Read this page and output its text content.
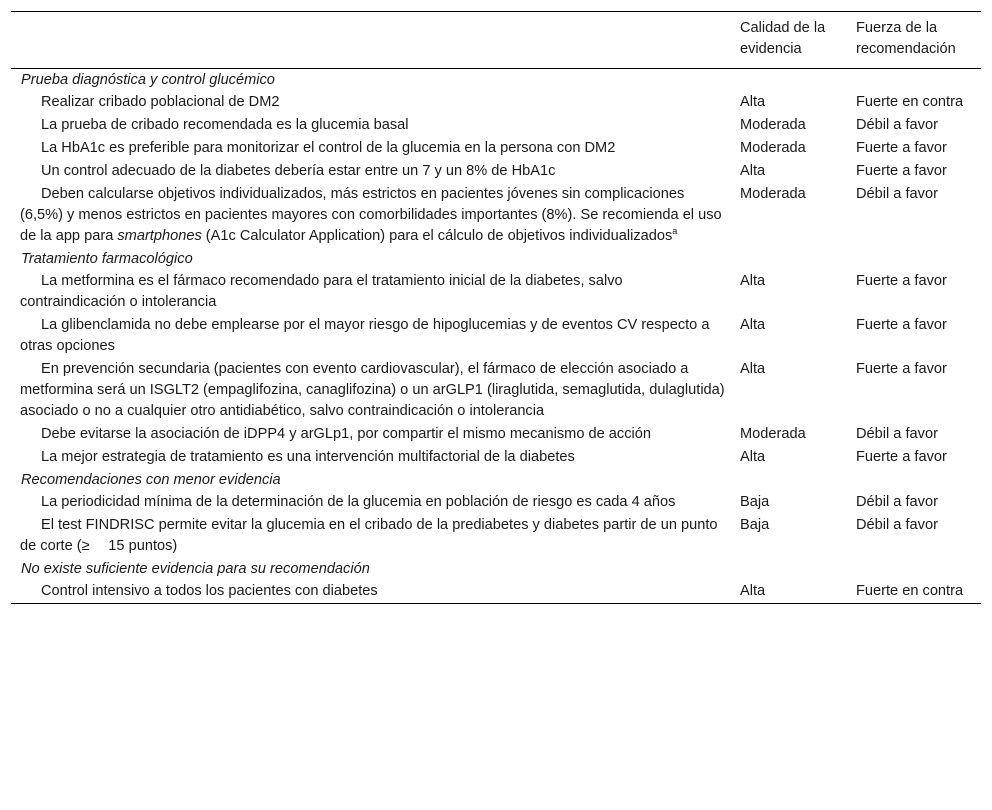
	Calidad de la evidencia	Fuerza de la recomendación
Prueba diagnóstica y control glucémico		
Realizar cribado poblacional de DM2	Alta	Fuerte en contra
La prueba de cribado recomendada es la glucemia basal	Moderada	Débil a favor
La HbA1c es preferible para monitorizar el control de la glucemia en la persona con DM2	Moderada	Fuerte a favor
Un control adecuado de la diabetes debería estar entre un 7 y un 8% de HbA1c	Alta	Fuerte a favor
Deben calcularse objetivos individualizados, más estrictos en pacientes jóvenes sin complicaciones (6,5%) y menos estrictos en pacientes mayores con comorbilidades importantes (8%). Se recomienda el uso de la app para smartphones (A1c Calculator Application) para el cálculo de objetivos individualizados$^a$	Moderada	Débil a favor
Tratamiento farmacológico		
La metformina es el fármaco recomendado para el tratamiento inicial de la diabetes, salvo contraindicación o intolerancia	Alta	Fuerte a favor
La glibenclamida no debe emplearse por el mayor riesgo de hipoglucemias y de eventos CV respecto a otras opciones	Alta	Fuerte a favor
En prevención secundaria (pacientes con evento cardiovascular), el fármaco de elección asociado a metformina será un ISGLT2 (empaglifozina, canaglifozina) o un arGLP1 (liraglutida, semaglutida, dulaglutida) asociado o no a cualquier otro antidiabético, salvo contraindicación o intolerancia	Alta	Fuerte a favor
Debe evitarse la asociación de iDPP4 y arGLp1, por compartir el mismo mecanismo de acción	Moderada	Débil a favor
La mejor estrategia de tratamiento es una intervención multifactorial de la diabetes	Alta	Fuerte a favor
Recomendaciones con menor evidencia		
La periodicidad mínima de la determinación de la glucemia en población de riesgo es cada 4 años	Baja	Débil a favor
El test FINDRISC permite evitar la glucemia en el cribado de la prediabetes y diabetes partir de un punto de corte (≥  15 puntos)	Baja	Débil a favor
No existe suficiente evidencia para su recomendación		
Control intensivo a todos los pacientes con diabetes	Alta	Fuerte en contra
